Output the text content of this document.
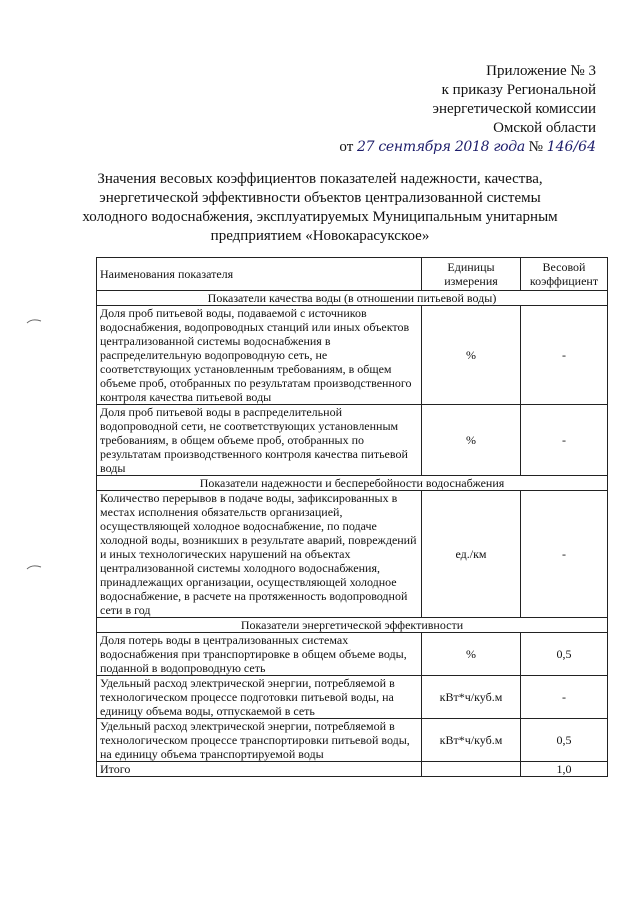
Приложение № 3
к приказу Региональной
энергетической комиссии
Омской области
от 27 сентября 2018 года № 146/64
Значения весовых коэффициентов показателей надежности, качества,
энергетической эффективности объектов централизованной системы
холодного водоснабжения, эксплуатируемых Муниципальным унитарным
предприятием «Новокарасукское»
Наименования показателя	Единицы измерения	Весовой коэффициент
Показатели качества воды (в отношении питьевой воды)		
Доля проб питьевой воды, подаваемой с источников водоснабжения, водопроводных станций или иных объектов централизованной системы водоснабжения в распределительную водопроводную сеть, не соответствующих установленным требованиям, в общем объеме проб, отобранных по результатам производственного контроля качества питьевой воды	%	-
Доля проб питьевой воды в распределительной водопроводной сети, не соответствующих установленным требованиям, в общем объеме проб, отобранных по результатам производственного контроля качества питьевой воды	%	-
Показатели надежности и бесперебойности водоснабжения		
Количество перерывов в подаче воды, зафиксированных в местах исполнения обязательств организацией, осуществляющей холодное водоснабжение, по подаче холодной воды, возникших в результате аварий, повреждений и иных технологических нарушений на объектах централизованной системы холодного водоснабжения, принадлежащих организации, осуществляющей холодное водоснабжение, в расчете на протяженность водопроводной сети в год	ед./км	-
Показатели энергетической эффективности		
Доля потерь воды в централизованных системах водоснабжения при транспортировке в общем объеме воды, поданной в водопроводную сеть	%	0,5
Удельный расход электрической энергии, потребляемой в технологическом процессе подготовки питьевой воды, на единицу объема воды, отпускаемой в сеть	кВт*ч/куб.м	-
Удельный расход электрической энергии, потребляемой в технологическом процессе транспортировки питьевой воды, на единицу объема транспортируемой воды	кВт*ч/куб.м	0,5
Итого		1,0
